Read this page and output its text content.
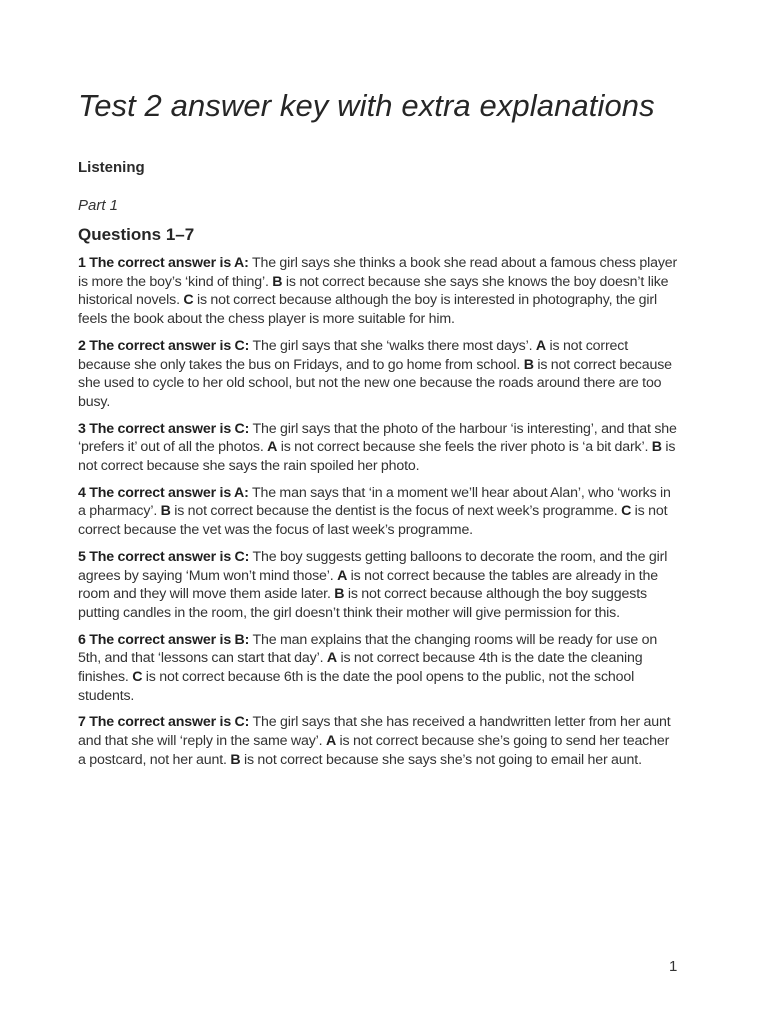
Test 2 answer key with extra explanations
Listening

Part 1

Questions 1–7

1 The correct answer is A: The girl says she thinks a book she read about a famous chess player is more the boy’s ‘kind of thing’. B is not correct because she says she knows the boy doesn’t like historical novels. C is not correct because although the boy is interested in photography, the girl feels the book about the chess player is more suitable for him.

2 The correct answer is C: The girl says that she ‘walks there most days’. A is not correct because she only takes the bus on Fridays, and to go home from school. B is not correct because she used to cycle to her old school, but not the new one because the roads around there are too busy.

3 The correct answer is C: The girl says that the photo of the harbour ‘is interesting’, and that she ‘prefers it’ out of all the photos. A is not correct because she feels the river photo is ‘a bit dark’. B is not correct because she says the rain spoiled her photo.

4 The correct answer is A: The man says that ‘in a moment we’ll hear about Alan’, who ‘works in a pharmacy’. B is not correct because the dentist is the focus of next week’s programme. C is not correct because the vet was the focus of last week’s programme.

5 The correct answer is C: The boy suggests getting balloons to decorate the room, and the girl agrees by saying ‘Mum won’t mind those’. A is not correct because the tables are already in the room and they will move them aside later. B is not correct because although the boy suggests putting candles in the room, the girl doesn’t think their mother will give permission for this.

6 The correct answer is B: The man explains that the changing rooms will be ready for use on 5th, and that ‘lessons can start that day’. A is not correct because 4th is the date the cleaning finishes. C is not correct because 6th is the date the pool opens to the public, not the school students.

7 The correct answer is C: The girl says that she has received a handwritten letter from her aunt and that she will ‘reply in the same way’. A is not correct because she’s going to send her teacher a postcard, not her aunt. B is not correct because she says she’s not going to email her aunt.

1
